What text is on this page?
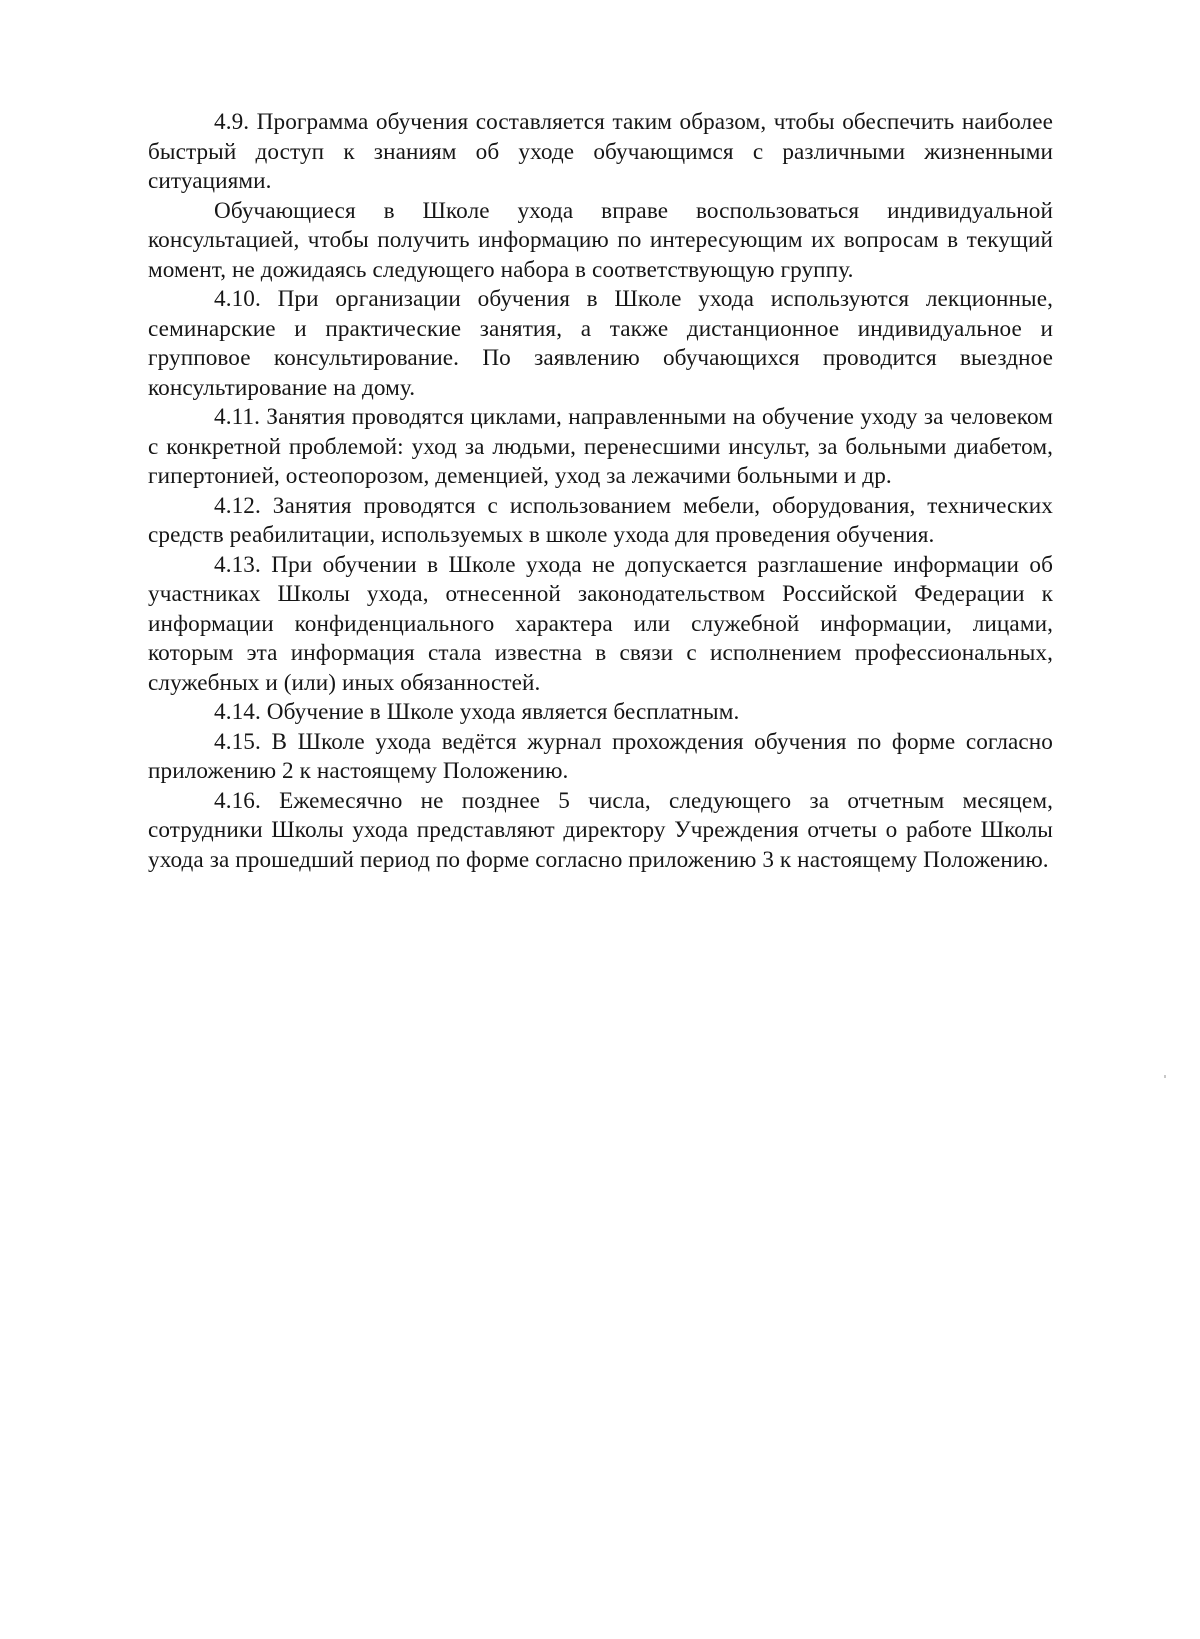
4.9. Программа обучения составляется таким образом, чтобы обеспечить наиболее быстрый доступ к знаниям об уходе обучающимся с различными жизненными ситуациями.

Обучающиеся в Школе ухода вправе воспользоваться индивидуальной консультацией, чтобы получить информацию по интересующим их вопросам в текущий момент, не дожидаясь следующего набора в соответствующую группу.

4.10. При организации обучения в Школе ухода используются лекционные, семинарские и практические занятия, а также дистанционное индивидуальное и групповое консультирование. По заявлению обучающихся проводится выездное консультирование на дому.

4.11. Занятия проводятся циклами, направленными на обучение уходу за человеком с конкретной проблемой: уход за людьми, перенесшими инсульт, за больными диабетом, гипертонией, остеопорозом, деменцией, уход за лежачими больными и др.

4.12. Занятия проводятся с использованием мебели, оборудования, технических средств реабилитации, используемых в школе ухода для проведения обучения.

4.13. При обучении в Школе ухода не допускается разглашение информации об участниках Школы ухода, отнесенной законодательством Российской Федерации к информации конфиденциального характера или служебной информации, лицами, которым эта информация стала известна в связи с исполнением профессиональных, служебных и (или) иных обязанностей.

4.14. Обучение в Школе ухода является бесплатным.

4.15. В Школе ухода ведётся журнал прохождения обучения по форме согласно приложению 2 к настоящему Положению.

4.16. Ежемесячно не позднее 5 числа, следующего за отчетным месяцем, сотрудники Школы ухода представляют директору Учреждения отчеты о работе Школы ухода за прошедший период по форме согласно приложению 3 к настоящему Положению.
